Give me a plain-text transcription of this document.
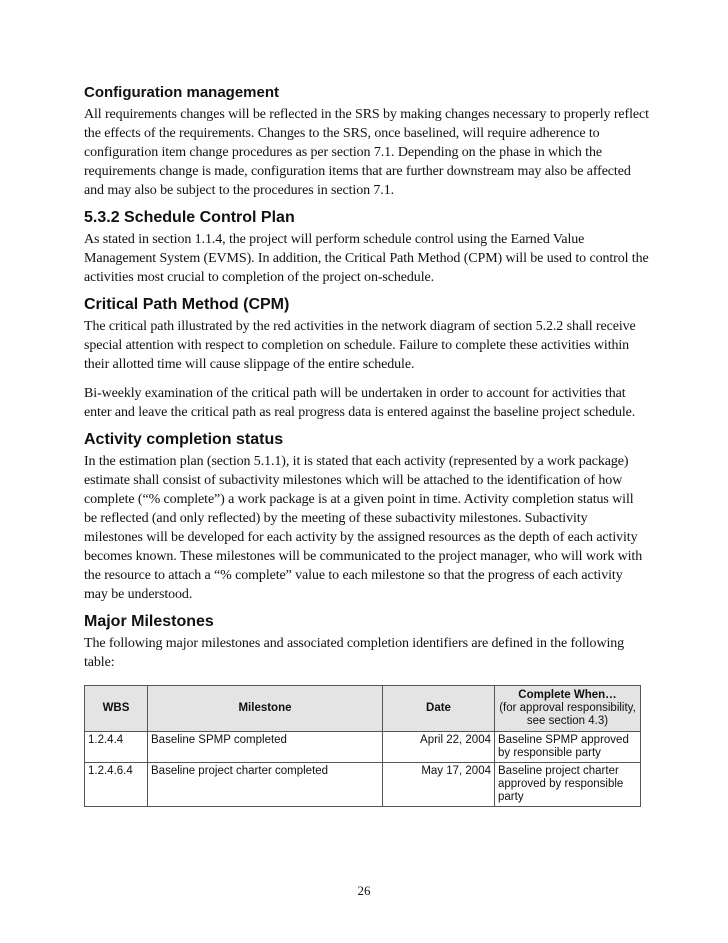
Configuration management

All requirements changes will be reflected in the SRS by making changes necessary to properly reflect the effects of the requirements. Changes to the SRS, once baselined, will require adherence to configuration item change procedures as per section 7.1. Depending on the phase in which the requirements change is made, configuration items that are further downstream may also be affected and may also be subject to the procedures in section 7.1.

5.3.2 Schedule Control Plan

As stated in section 1.1.4, the project will perform schedule control using the Earned Value Management System (EVMS). In addition, the Critical Path Method (CPM) will be used to control the activities most crucial to completion of the project on-schedule.

Critical Path Method (CPM)

The critical path illustrated by the red activities in the network diagram of section 5.2.2 shall receive special attention with respect to completion on schedule. Failure to complete these activities within their allotted time will cause slippage of the entire schedule.

Bi-weekly examination of the critical path will be undertaken in order to account for activities that enter and leave the critical path as real progress data is entered against the baseline project schedule.

Activity completion status

In the estimation plan (section 5.1.1), it is stated that each activity (represented by a work package) estimate shall consist of subactivity milestones which will be attached to the identification of how complete (“% complete”) a work package is at a given point in time. Activity completion status will be reflected (and only reflected) by the meeting of these subactivity milestones. Subactivity milestones will be developed for each activity by the assigned resources as the depth of each activity becomes known. These milestones will be communicated to the project manager, who will work with the resource to attach a “% complete” value to each milestone so that the progress of each activity may be understood.

Major Milestones

The following major milestones and associated completion identifiers are defined in the following table:

WBS	Milestone	Date	Complete When…
(for approval responsibility, see section 4.3)

1.2.4.4	Baseline SPMP completed	April 22, 2004	Baseline SPMP approved by responsible party
1.2.4.6.4	Baseline project charter completed	May 17, 2004	Baseline project charter approved by responsible party
26
